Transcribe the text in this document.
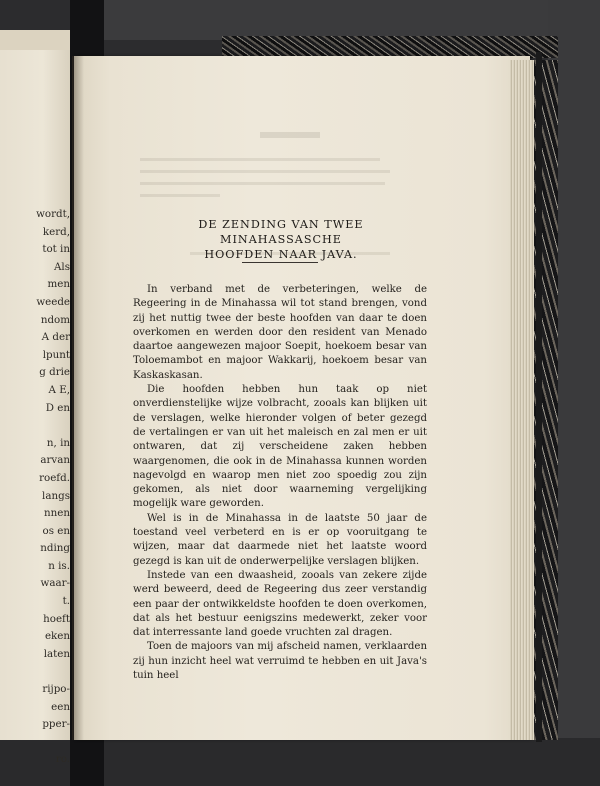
wordt,
kerd,
tot in
Als
men
weede
ndom
A der
lpunt
g drie
A E,
D en
n, in
arvan
roefd.
langs
nnen
os en
nding
n is.
waar-
t.
hoeft
eken
laten
rijpo-
een
pper-
ro.
DE ZENDING VAN TWEE MINAHASSASCHE
HOOFDEN NAAR JAVA.

In verband met de verbeteringen, welke de Regeering in de Minahassa wil tot stand brengen, vond zij het nuttig twee der beste hoofden van daar te doen overkomen en werden door den resident van Menado daartoe aangewezen majoor Soepit, hoekoem besar van Toloemambot en majoor Wakkarij, hoekoem besar van Kaskaskasan.

Die hoofden hebben hun taak op niet onverdienstelijke wijze volbracht, zooals kan blijken uit de verslagen, welke hieronder volgen of beter gezegd de vertalingen er van uit het maleisch en zal men er uit ontwaren, dat zij verscheidene zaken hebben waargenomen, die ook in de Minahassa kunnen worden nagevolgd en waarop men niet zoo spoedig zou zijn gekomen, als niet door waarneming vergelijking mogelijk ware geworden.

Wel is in de Minahassa in de laatste 50 jaar de toestand veel verbeterd en is er op vooruitgang te wijzen, maar dat daarmede niet het laatste woord gezegd is kan uit de onderwerpelijke verslagen blijken.

Instede van een dwaasheid, zooals van zekere zijde werd beweerd, deed de Regeering dus zeer verstandig een paar der ontwikkeldste hoofden te doen overkomen, dat als het bestuur eenigszins medewerkt, zeker voor dat interressante land goede vruchten zal dragen.

Toen de majoors van mij afscheid namen, verklaarden zij hun inzicht heel wat verruimd te hebben en uit Java's tuin heel
